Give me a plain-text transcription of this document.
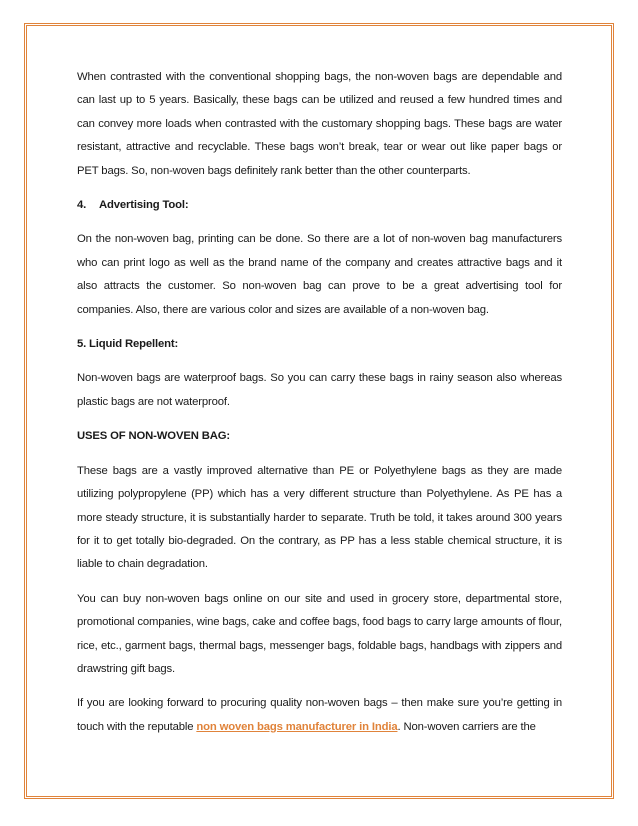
When contrasted with the conventional shopping bags, the non-woven bags are dependable and can last up to 5 years. Basically, these bags can be utilized and reused a few hundred times and can convey more loads when contrasted with the customary shopping bags. These bags are water resistant, attractive and recyclable. These bags won’t break, tear or wear out like paper bags or PET bags. So, non-woven bags definitely rank better than the other counterparts.

4. Advertising Tool:

On the non-woven bag, printing can be done. So there are a lot of non-woven bag manufacturers who can print logo as well as the brand name of the company and creates attractive bags and it also attracts the customer. So non-woven bag can prove to be a great advertising tool for companies. Also, there are various color and sizes are available of a non-woven bag.

5. Liquid Repellent:

Non-woven bags are waterproof bags. So you can carry these bags in rainy season also whereas plastic bags are not waterproof.

USES OF NON-WOVEN BAG:

These bags are a vastly improved alternative than PE or Polyethylene bags as they are made utilizing polypropylene (PP) which has a very different structure than Polyethylene. As PE has a more steady structure, it is substantially harder to separate. Truth be told, it takes around 300 years for it to get totally bio-degraded. On the contrary, as PP has a less stable chemical structure, it is liable to chain degradation.

You can buy non-woven bags online on our site and used in grocery store, departmental store, promotional companies, wine bags, cake and coffee bags, food bags to carry large amounts of flour, rice, etc., garment bags, thermal bags, messenger bags, foldable bags, handbags with zippers and drawstring gift bags.

If you are looking forward to procuring quality non-woven bags – then make sure you’re getting in touch with the reputable non woven bags manufacturer in India. Non-woven carriers are the
